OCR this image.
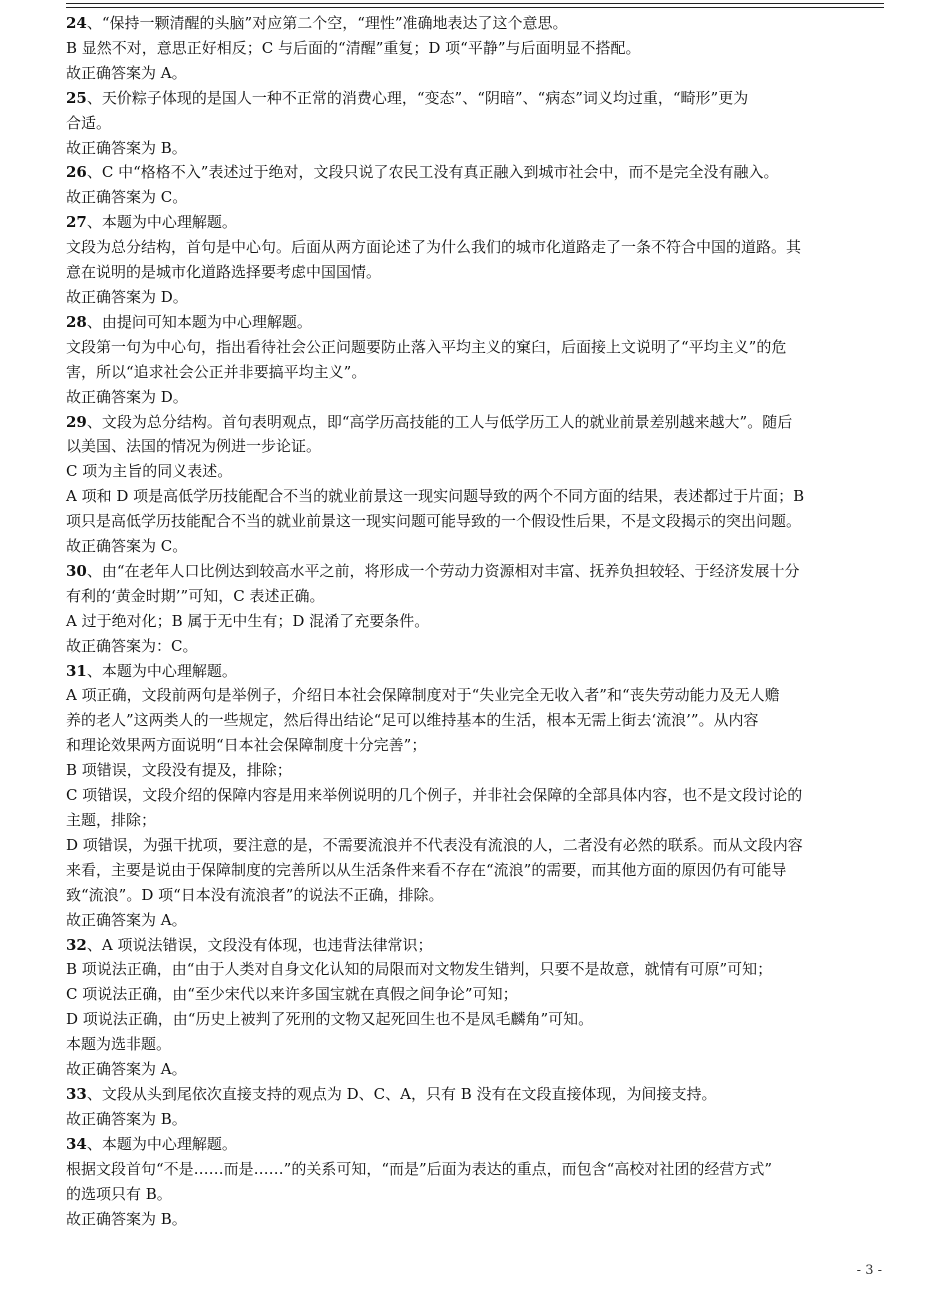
24、“保持一颗清醒的头脑”对应第二个空，“理性”准确地表达了这个意思。
B 显然不对，意思正好相反；C 与后面的“清醒”重复；D 项“平静”与后面明显不搭配。
故正确答案为 A。
25、天价粽子体现的是国人一种不正常的消费心理，“变态”、“阴暗”、“病态”词义均过重，“畸形”更为
合适。
故正确答案为 B。
26、C 中“格格不入”表述过于绝对，文段只说了农民工没有真正融入到城市社会中，而不是完全没有融入。
故正确答案为 C。
27、本题为中心理解题。
文段为总分结构，首句是中心句。后面从两方面论述了为什么我们的城市化道路走了一条不符合中国的道路。其
意在说明的是城市化道路选择要考虑中国国情。
故正确答案为 D。
28、由提问可知本题为中心理解题。
文段第一句为中心句，指出看待社会公正问题要防止落入平均主义的窠臼，后面接上文说明了“平均主义”的危
害，所以“追求社会公正并非要搞平均主义”。
故正确答案为 D。
29、文段为总分结构。首句表明观点，即“高学历高技能的工人与低学历工人的就业前景差别越来越大”。随后
以美国、法国的情况为例进一步论证。
C 项为主旨的同义表述。
A 项和 D 项是高低学历技能配合不当的就业前景这一现实问题导致的两个不同方面的结果，表述都过于片面；B
项只是高低学历技能配合不当的就业前景这一现实问题可能导致的一个假设性后果，不是文段揭示的突出问题。
故正确答案为 C。
30、由“在老年人口比例达到较高水平之前，将形成一个劳动力资源相对丰富、抚养负担较轻、于经济发展十分
有利的‘黄金时期’”可知，C 表述正确。
A 过于绝对化；B 属于无中生有；D 混淆了充要条件。
故正确答案为：C。
31、本题为中心理解题。
A 项正确，文段前两句是举例子，介绍日本社会保障制度对于“失业完全无收入者”和“丧失劳动能力及无人赡
养的老人”这两类人的一些规定，然后得出结论“足可以维持基本的生活，根本无需上街去‘流浪’”。从内容
和理论效果两方面说明“日本社会保障制度十分完善”；
B 项错误，文段没有提及，排除；
C 项错误，文段介绍的保障内容是用来举例说明的几个例子，并非社会保障的全部具体内容，也不是文段讨论的
主题，排除；
D 项错误，为强干扰项，要注意的是，不需要流浪并不代表没有流浪的人，二者没有必然的联系。而从文段内容
来看，主要是说由于保障制度的完善所以从生活条件来看不存在“流浪”的需要，而其他方面的原因仍有可能导
致“流浪”。D 项“日本没有流浪者”的说法不正确，排除。
故正确答案为 A。
32、A 项说法错误，文段没有体现，也违背法律常识；
B 项说法正确，由“由于人类对自身文化认知的局限而对文物发生错判，只要不是故意，就情有可原”可知；
C 项说法正确，由“至少宋代以来许多国宝就在真假之间争论”可知；
D 项说法正确，由“历史上被判了死刑的文物又起死回生也不是凤毛麟角”可知。
本题为选非题。
故正确答案为 A。
33、文段从头到尾依次直接支持的观点为 D、C、A，只有 B 没有在文段直接体现，为间接支持。
故正确答案为 B。
34、本题为中心理解题。
根据文段首句“不是……而是……”的关系可知，“而是”后面为表达的重点，而包含“高校对社团的经营方式”
的选项只有 B。
故正确答案为 B。
- 3 -
